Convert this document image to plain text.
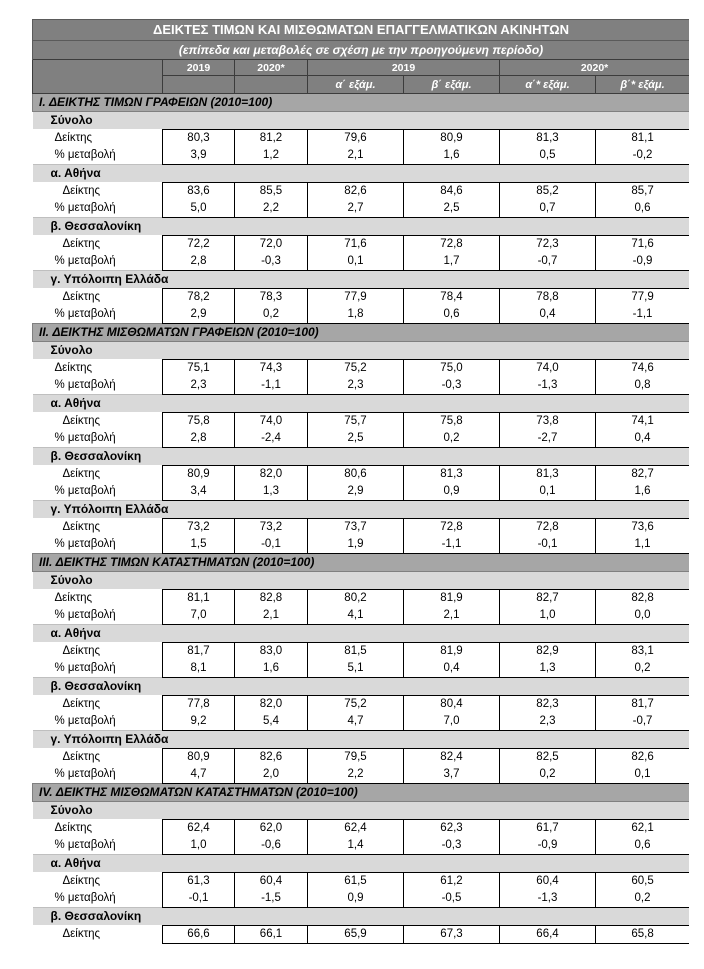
ΔΕΙΚΤΕΣ ΤΙΜΩΝ ΚΑΙ ΜΙΣΘΩΜΑΤΩΝ ΕΠΑΓΓΕΛΜΑΤΙΚΩΝ ΑΚΙΝΗΤΩΝ						
(επίπεδα και μεταβολές σε σχέση με την προηγούμενη περίοδο)						
	2019	2020*	2019		2020*	
			α΄ εξάμ.	β΄ εξάμ.	α΄* εξάμ.	β΄* εξάμ.
I. ΔΕΙΚΤΗΣ ΤΙΜΩΝ ΓΡΑΦΕΙΩΝ (2010=100)						
Σύνολο						
Δείκτης	80,3	81,2	79,6	80,9	81,3	81,1
% μεταβολή	3,9	1,2	2,1	1,6	0,5	-0,2
α. Αθήνα						
Δείκτης	83,6	85,5	82,6	84,6	85,2	85,7
% μεταβολή	5,0	2,2	2,7	2,5	0,7	0,6
β. Θεσσαλονίκη						
Δείκτης	72,2	72,0	71,6	72,8	72,3	71,6
% μεταβολή	2,8	-0,3	0,1	1,7	-0,7	-0,9
γ. Υπόλοιπη Ελλάδα						
Δείκτης	78,2	78,3	77,9	78,4	78,8	77,9
% μεταβολή	2,9	0,2	1,8	0,6	0,4	-1,1
II. ΔΕΙΚΤΗΣ ΜΙΣΘΩΜΑΤΩΝ ΓΡΑΦΕΙΩΝ (2010=100)						
Σύνολο						
Δείκτης	75,1	74,3	75,2	75,0	74,0	74,6
% μεταβολή	2,3	-1,1	2,3	-0,3	-1,3	0,8
α. Αθήνα						
Δείκτης	75,8	74,0	75,7	75,8	73,8	74,1
% μεταβολή	2,8	-2,4	2,5	0,2	-2,7	0,4
β. Θεσσαλονίκη						
Δείκτης	80,9	82,0	80,6	81,3	81,3	82,7
% μεταβολή	3,4	1,3	2,9	0,9	0,1	1,6
γ. Υπόλοιπη Ελλάδα						
Δείκτης	73,2	73,2	73,7	72,8	72,8	73,6
% μεταβολή	1,5	-0,1	1,9	-1,1	-0,1	1,1
III. ΔΕΙΚΤΗΣ ΤΙΜΩΝ ΚΑΤΑΣΤΗΜΑΤΩΝ (2010=100)						
Σύνολο						
Δείκτης	81,1	82,8	80,2	81,9	82,7	82,8
% μεταβολή	7,0	2,1	4,1	2,1	1,0	0,0
α. Αθήνα						
Δείκτης	81,7	83,0	81,5	81,9	82,9	83,1
% μεταβολή	8,1	1,6	5,1	0,4	1,3	0,2
β. Θεσσαλονίκη						
Δείκτης	77,8	82,0	75,2	80,4	82,3	81,7
% μεταβολή	9,2	5,4	4,7	7,0	2,3	-0,7
γ. Υπόλοιπη Ελλάδα						
Δείκτης	80,9	82,6	79,5	82,4	82,5	82,6
% μεταβολή	4,7	2,0	2,2	3,7	0,2	0,1
IV. ΔΕΙΚΤΗΣ ΜΙΣΘΩΜΑΤΩΝ ΚΑΤΑΣΤΗΜΑΤΩΝ (2010=100)						
Σύνολο						
Δείκτης	62,4	62,0	62,4	62,3	61,7	62,1
% μεταβολή	1,0	-0,6	1,4	-0,3	-0,9	0,6
α. Αθήνα						
Δείκτης	61,3	60,4	61,5	61,2	60,4	60,5
% μεταβολή	-0,1	-1,5	0,9	-0,5	-1,3	0,2
β. Θεσσαλονίκη						
Δείκτης	66,6	66,1	65,9	67,3	66,4	65,8
